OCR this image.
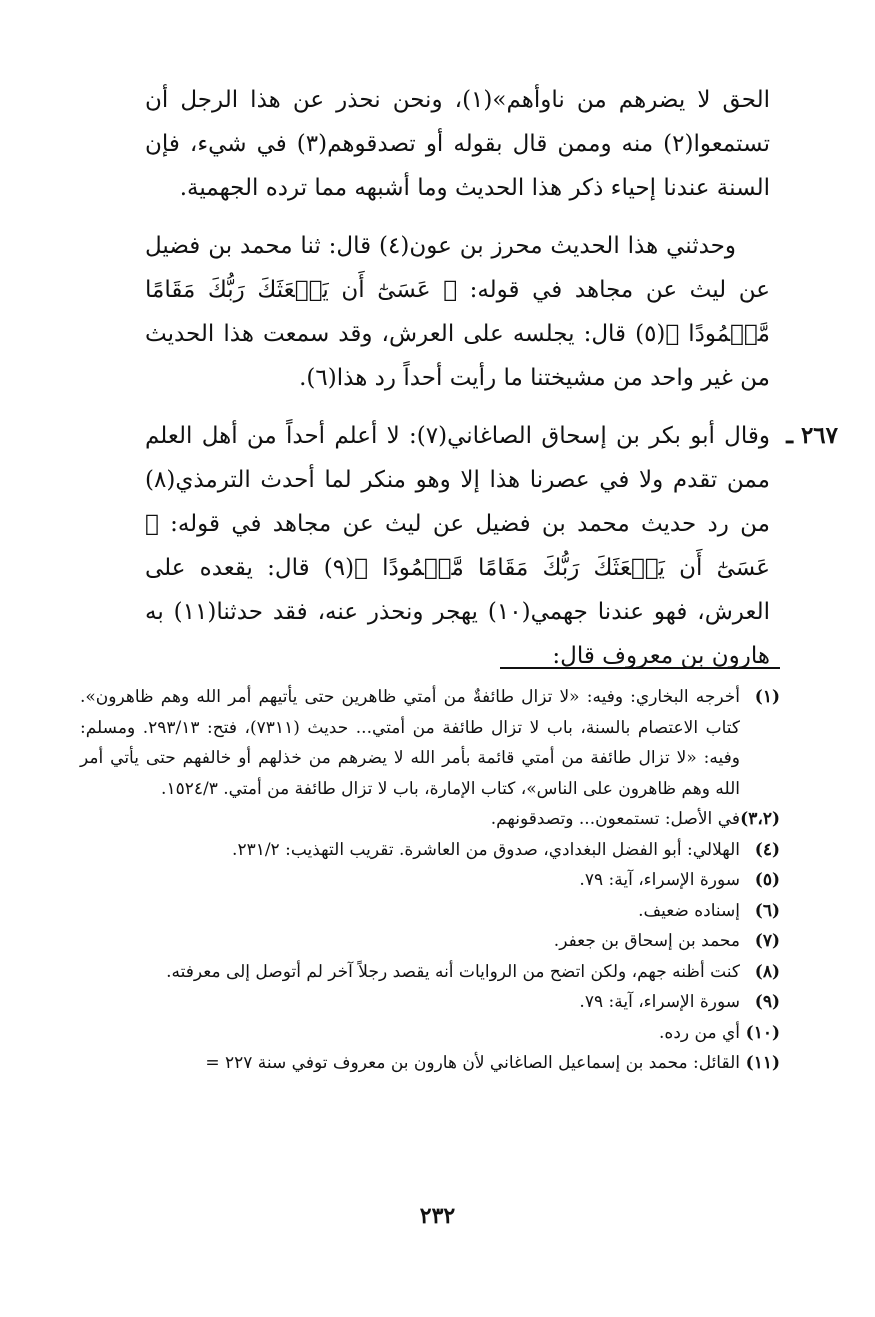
الحق لا يضرهم من ناوأهم»(١)، ونحن نحذر عن هذا الرجل أن تستمعوا(٢) منه وممن قال بقوله أو تصدقوهم(٣) في شيء، فإن السنة عندنا إحياء ذكر هذا الحديث وما أشبهه مما ترده الجهمية.

وحدثني هذا الحديث محرز بن عون(٤) قال: ثنا محمد بن فضيل عن ليث عن مجاهد في قوله: ﴿ عَسَىٰٓ أَن يَبۡعَثَكَ رَبُّكَ مَقَامًا مَّحۡمُودًا ﴾(٥) قال: يجلسه على العرش، وقد سمعت هذا الحديث من غير واحد من مشيختنا ما رأيت أحداً رد هذا(٦).

٢٦٧ ـ

وقال أبو بكر بن إسحاق الصاغاني(٧): لا أعلم أحداً من أهل العلم ممن تقدم ولا في عصرنا هذا إلا وهو منكر لما أحدث الترمذي(٨) من رد حديث محمد بن فضيل عن ليث عن مجاهد في قوله: ﴿ عَسَىٰٓ أَن يَبۡعَثَكَ رَبُّكَ مَقَامًا مَّحۡمُودًا ﴾(٩) قال: يقعده على العرش، فهو عندنا جهمي(١٠) يهجر ونحذر عنه، فقد حدثنا(١١) به هارون بن معروف قال:

(١)
أخرجه البخاري: وفيه: «لا تزال طائفةٌ من أمتي ظاهرين حتى يأتيهم أمر الله وهم ظاهرون». كتاب الاعتصام بالسنة، باب لا تزال طائفة من أمتي... حديث (٧٣١١)، فتح: ٢٩٣/١٣. ومسلم: وفيه: «لا تزال طائفة من أمتي قائمة بأمر الله لا يضرهم من خذلهم أو خالفهم حتى يأتي أمر الله وهم ظاهرون على الناس»، كتاب الإمارة، باب لا تزال طائفة من أمتي. ١٥٢٤/٣.
(٣،٢)
في الأصل: تستمعون... وتصدقونهم.
(٤)
الهلالي: أبو الفضل البغدادي، صدوق من العاشرة. تقريب التهذيب: ٢٣١/٢.
(٥)
سورة الإسراء، آية: ٧٩.
(٦)
إسناده ضعيف.
(٧)
محمد بن إسحاق بن جعفر.
(٨)
كنت أظنه جهم، ولكن اتضح من الروايات أنه يقصد رجلاً آخر لم أتوصل إلى معرفته.
(٩)
سورة الإسراء، آية: ٧٩.
(١٠)
أي من رده.
(١١)
القائل: محمد بن إسماعيل الصاغاني لأن هارون بن معروف توفي سنة ٢٢٧ =
٢٣٢
